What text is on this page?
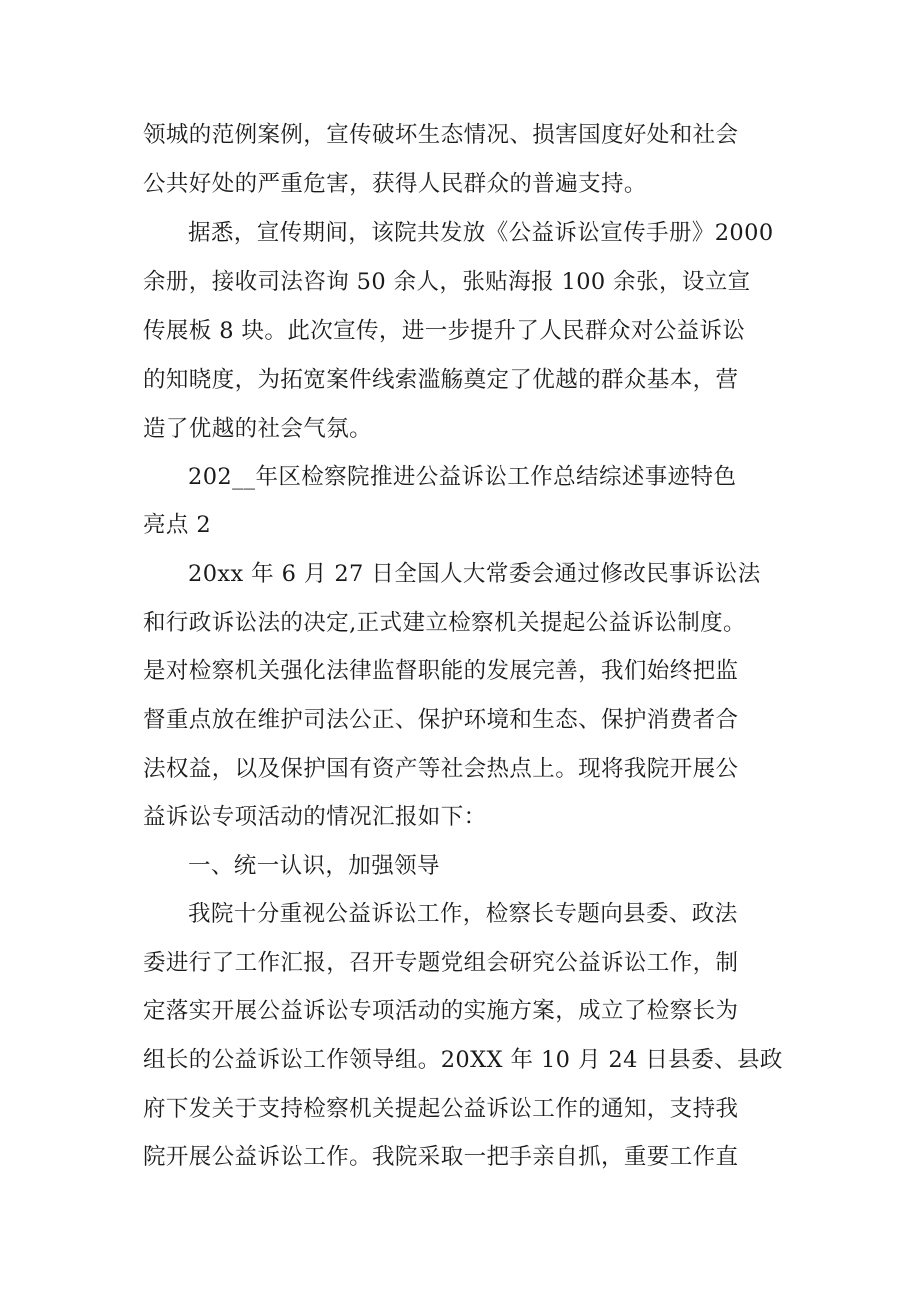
领城的范例案例，宣传破坏生态情况、损害国度好处和社会
公共好处的严重危害，获得人民群众的普遍支持。
据悉，宣传期间，该院共发放《公益诉讼宣传手册》2000
余册，接收司法咨询 50 余人，张贴海报 100 余张，设立宣
传展板 8 块。此次宣传，进一步提升了人民群众对公益诉讼
的知晓度，为拓宽案件线索滥觞奠定了优越的群众基本，营
造了优越的社会气氛。
202__年区检察院推进公益诉讼工作总结综述事迹特色
亮点 2
20xx 年 6 月 27 日全国人大常委会通过修改民事诉讼法
和行政诉讼法的决定,正式建立检察机关提起公益诉讼制度。
是对检察机关强化法律监督职能的发展完善，我们始终把监
督重点放在维护司法公正、保护环境和生态、保护消费者合
法权益，以及保护国有资产等社会热点上。现将我院开展公
益诉讼专项活动的情况汇报如下：
一、统一认识，加强领导
我院十分重视公益诉讼工作，检察长专题向县委、政法
委进行了工作汇报，召开专题党组会研究公益诉讼工作，制
定落实开展公益诉讼专项活动的实施方案，成立了检察长为
组长的公益诉讼工作领导组。20XX 年 10 月 24 日县委、县政
府下发关于支持检察机关提起公益诉讼工作的通知，支持我
院开展公益诉讼工作。我院采取一把手亲自抓，重要工作直
